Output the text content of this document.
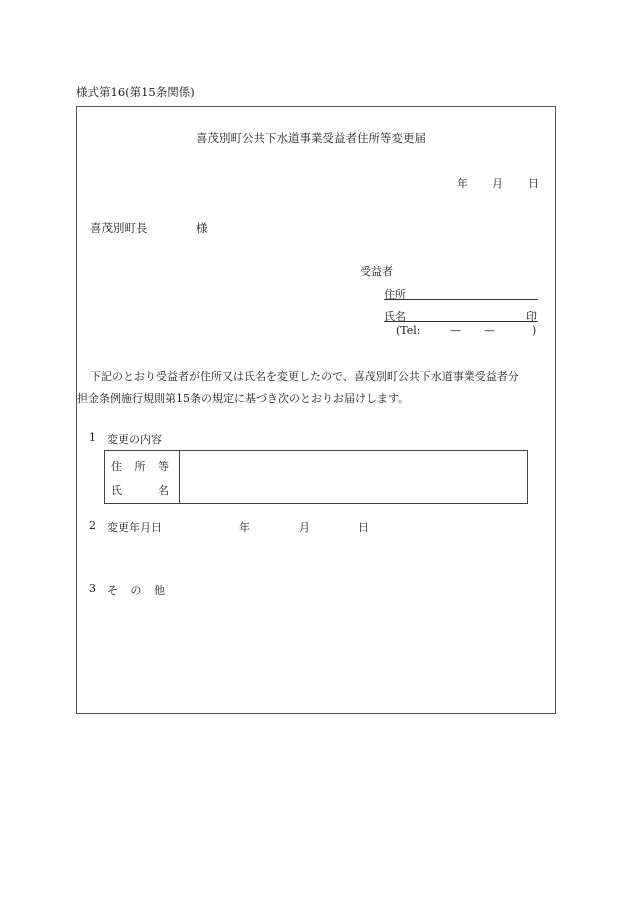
様式第16(第15条関係)
喜茂別町公共下水道事業受益者住所等変更届
年 月 日
喜茂別町長	様
受益者
住所
氏名	印
(Tel:	— —	)
下記のとおり受益者が住所又は氏名を変更したので、喜茂別町公共下水道事業受益者分
担金条例施行規則第15条の規定に基づき次のとおりお届けします。
1 変更の内容
住 所 等
氏	名
2 変更年月日	年	月	日
3 そ の 他
